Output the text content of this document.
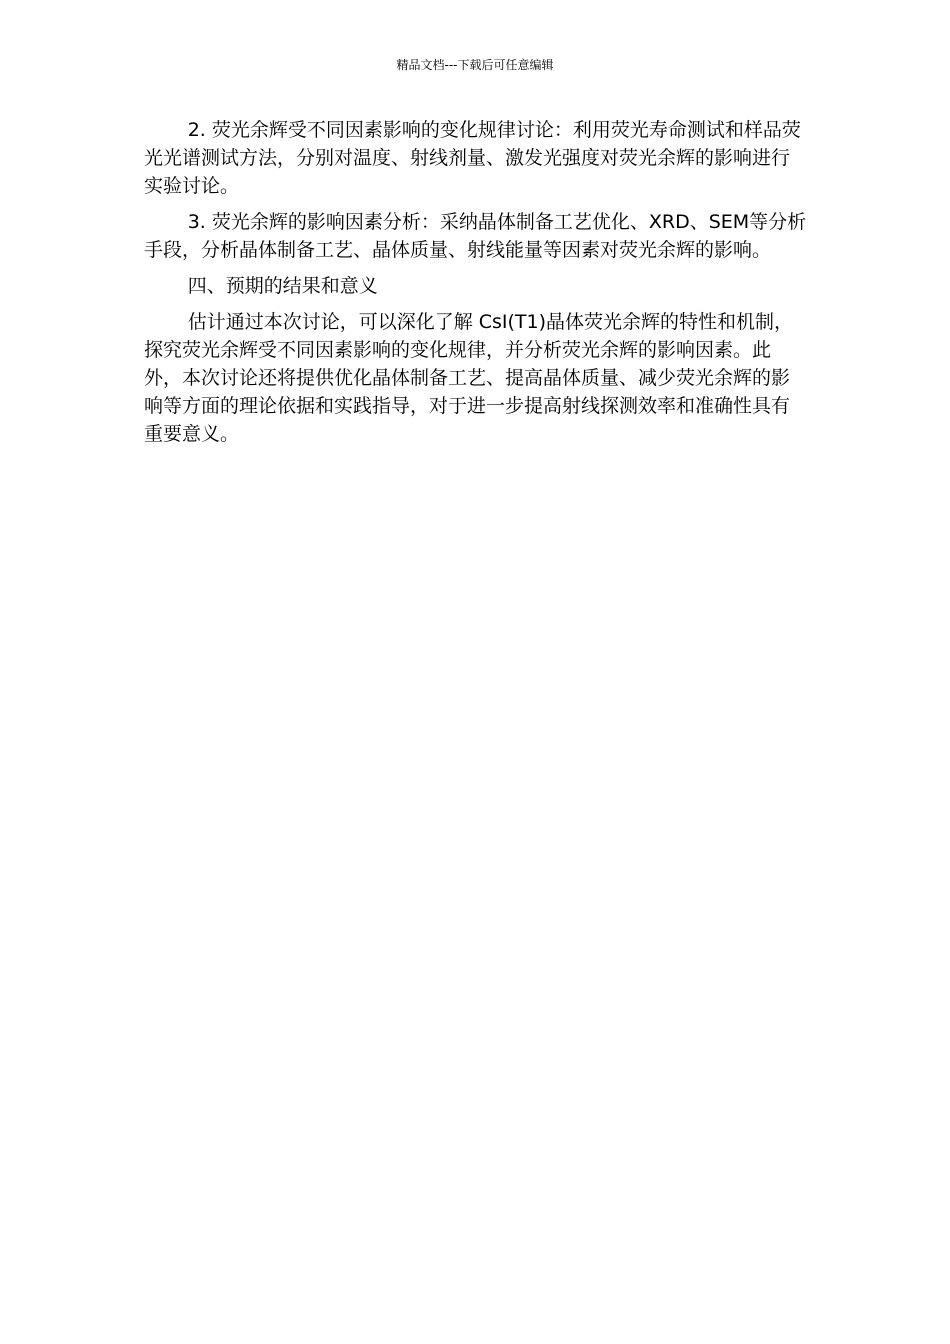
精品文档---下载后可任意编辑

2. 荧光余辉受不同因素影响的变化规律讨论：利用荧光寿命测试和样品荧光光谱测试方法，分别对温度、射线剂量、激发光强度对荧光余辉的影响进行实验讨论。

3. 荧光余辉的影响因素分析：采纳晶体制备工艺优化、XRD、SEM等分析手段，分析晶体制备工艺、晶体质量、射线能量等因素对荧光余辉的影响。

四、预期的结果和意义

估计通过本次讨论，可以深化了解 CsI(T1)晶体荧光余辉的特性和机制，探究荧光余辉受不同因素影响的变化规律，并分析荧光余辉的影响因素。此外，本次讨论还将提供优化晶体制备工艺、提高晶体质量、减少荧光余辉的影响等方面的理论依据和实践指导，对于进一步提高射线探测效率和准确性具有重要意义。
